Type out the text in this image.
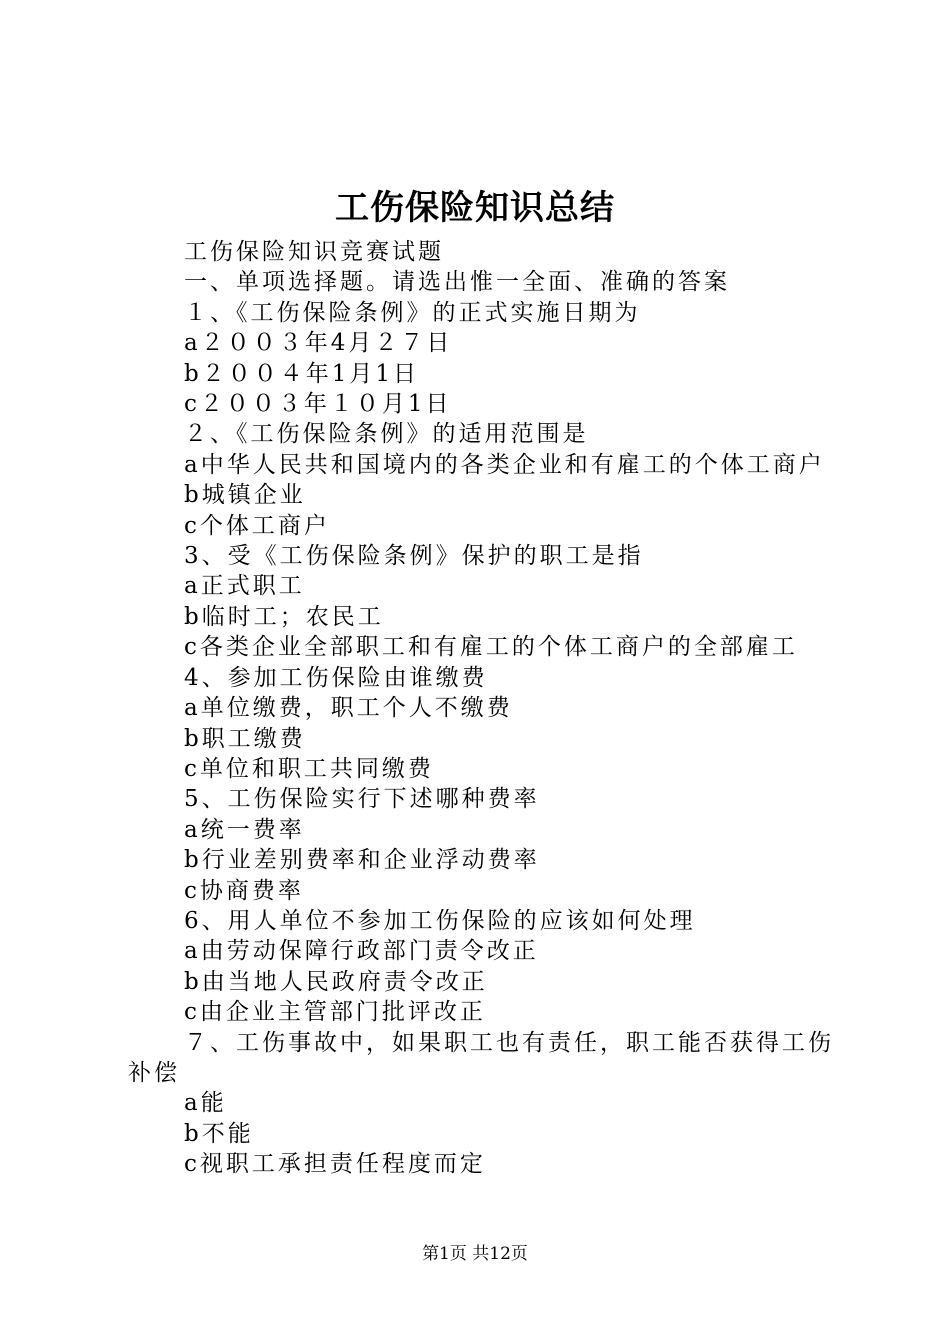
工伤保险知识总结

工伤保险知识竞赛试题

一、单项选择题。请选出惟一全面、准确的答案

１、《工伤保险条例》的正式实施日期为

a２００３年4月２７日

b２００４年1月1日

c２００３年１０月1日

２、《工伤保险条例》的适用范围是

a中华人民共和国境内的各类企业和有雇工的个体工商户

b城镇企业

c个体工商户

3、受《工伤保险条例》保护的职工是指

a正式职工

b临时工；农民工

c各类企业全部职工和有雇工的个体工商户的全部雇工

4、参加工伤保险由谁缴费

a单位缴费，职工个人不缴费

b职工缴费

c单位和职工共同缴费

5、工伤保险实行下述哪种费率

a统一费率

b行业差别费率和企业浮动费率

c协商费率

6、用人单位不参加工伤保险的应该如何处理

a由劳动保障行政部门责令改正

b由当地人民政府责令改正

c由企业主管部门批评改正

７、工伤事故中，如果职工也有责任，职工能否获得工伤

补偿

a能

b不能

c视职工承担责任程度而定

第1页 共12页
